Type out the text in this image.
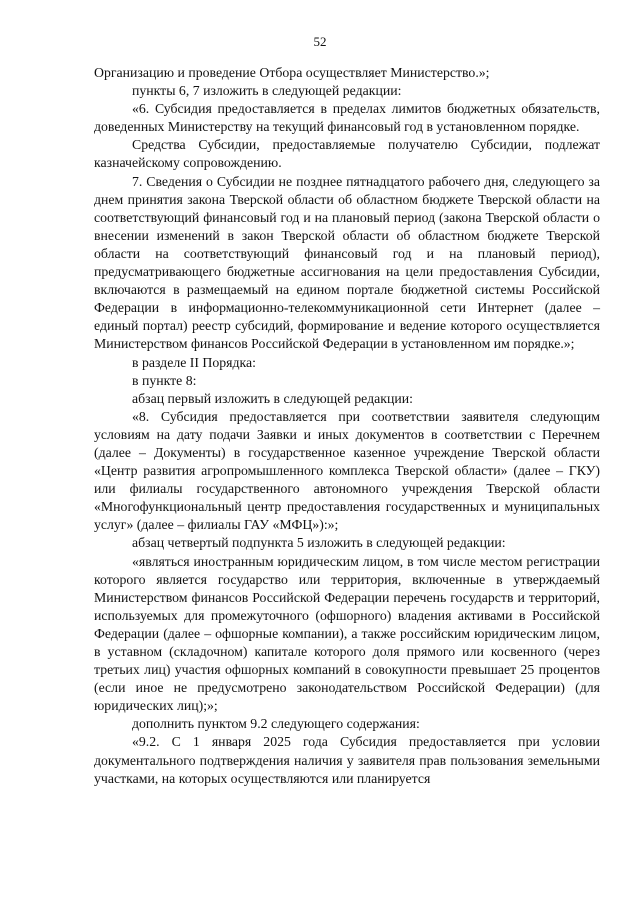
52

Организацию и проведение Отбора осуществляет Министерство.»;

пункты 6, 7 изложить в следующей редакции:

«6. Субсидия предоставляется в пределах лимитов бюджетных обязательств, доведенных Министерству на текущий финансовый год в установленном порядке.

Средства Субсидии, предоставляемые получателю Субсидии, подлежат казначейскому сопровождению.

7. Сведения о Субсидии не позднее пятнадцатого рабочего дня, следующего за днем принятия закона Тверской области об областном бюджете Тверской области на соответствующий финансовый год и на плановый период (закона Тверской области о внесении изменений в закон Тверской области об областном бюджете Тверской области на соответствующий финансовый год и на плановый период), предусматривающего бюджетные ассигнования на цели предоставления Субсидии, включаются в размещаемый на едином портале бюджетной системы Российской Федерации в информационно-телекоммуникационной сети Интернет (далее – единый портал) реестр субсидий, формирование и ведение которого осуществляется Министерством финансов Российской Федерации в установленном им порядке.»;

в разделе II Порядка:

в пункте 8:

абзац первый изложить в следующей редакции:

«8. Субсидия предоставляется при соответствии заявителя следующим условиям на дату подачи Заявки и иных документов в соответствии с Перечнем (далее – Документы) в государственное казенное учреждение Тверской области «Центр развития агропромышленного комплекса Тверской области» (далее – ГКУ) или филиалы государственного автономного учреждения Тверской области «Многофункциональный центр предоставления государственных и муниципальных услуг» (далее – филиалы ГАУ «МФЦ»):»;

абзац четвертый подпункта 5 изложить в следующей редакции:

«являться иностранным юридическим лицом, в том числе местом регистрации которого является государство или территория, включенные в утверждаемый Министерством финансов Российской Федерации перечень государств и территорий, используемых для промежуточного (офшорного) владения активами в Российской Федерации (далее – офшорные компании), а также российским юридическим лицом, в уставном (складочном) капитале которого доля прямого или косвенного (через третьих лиц) участия офшорных компаний в совокупности превышает 25 процентов (если иное не предусмотрено законодательством Российской Федерации) (для юридических лиц);»;

дополнить пунктом 9.2 следующего содержания:

«9.2. С 1 января 2025 года Субсидия предоставляется при условии документального подтверждения наличия у заявителя прав пользования земельными участками, на которых осуществляются или планируется
